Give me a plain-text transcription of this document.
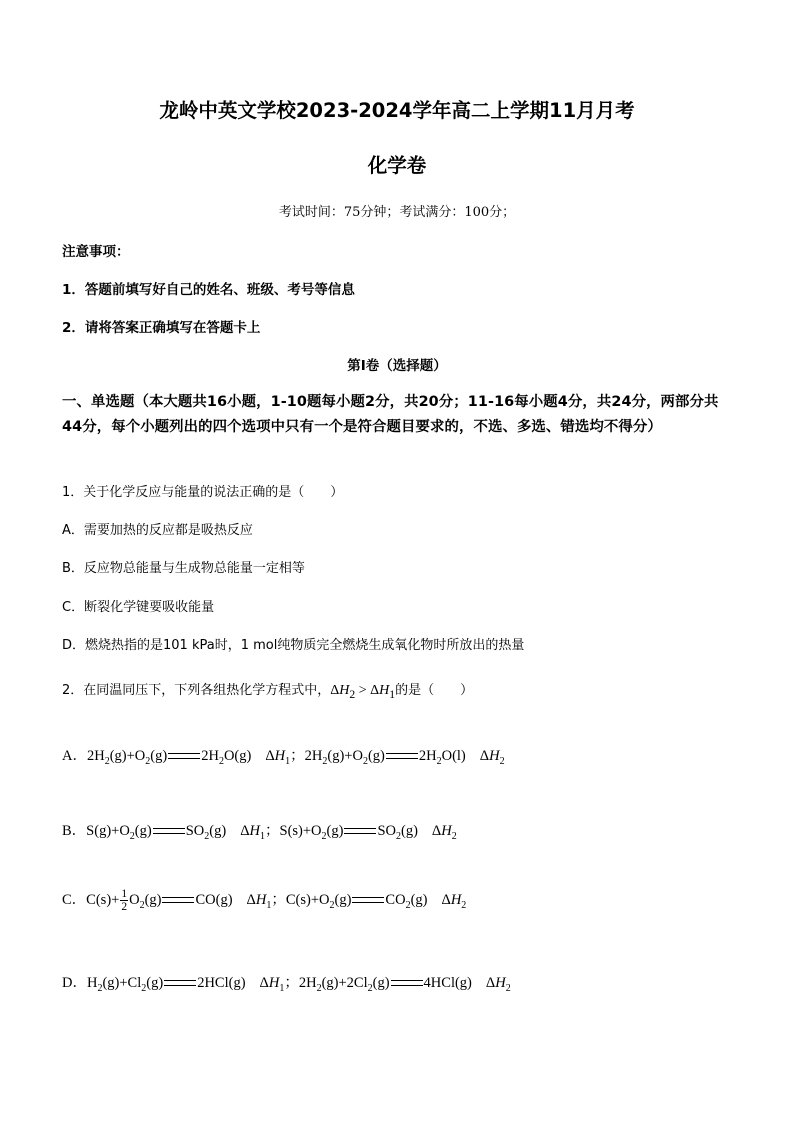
龙岭中英文学校2023-2024学年高二上学期11月月考
化学卷
考试时间：75分钟；考试满分：100分；
注意事项：
1．答题前填写好自己的姓名、班级、考号等信息
2．请将答案正确填写在答题卡上
第Ⅰ卷（选择题）
一、单选题（本大题共16小题，1-10题每小题2分，共20分；11-16每小题4分，共24分，两部分共44分，每个小题列出的四个选项中只有一个是符合题目要求的，不选、多选、错选均不得分）
1．关于化学反应与能量的说法正确的是（　　）
A．需要加热的反应都是吸热反应
B．反应物总能量与生成物总能量一定相等
C．断裂化学键要吸收能量
D．燃烧热指的是101 kPa时，1 mol纯物质完全燃烧生成氧化物时所放出的热量
2．在同温同压下，下列各组热化学方程式中，$\Delta H_2 > \Delta H_1$的是（　　）
A．$2H_2(g)+O_2(g)$ $2H_2O(g)$ $\Delta H_1$；$2H_2(g)+O_2(g)$ $2H_2O(l)$ $\Delta H_2$
B．$S(g)+O_2(g)$ $SO_2(g)$ $\Delta H_1$；$S(s)+O_2(g)$ $SO_2(g)$ $\Delta H_2$
C．$C(s)+ \frac{1}{2} O_2(g)$ CO(g) $\Delta H_1$；$C(s)+O_2(g)$ $CO_2(g)$ $\Delta H_2$
D．$H_2(g)+Cl_2(g)$ 2HCl(g) $\Delta H_1$；$2H_2(g)+2Cl_2(g)$ 4HCl(g) $\Delta H_2$
